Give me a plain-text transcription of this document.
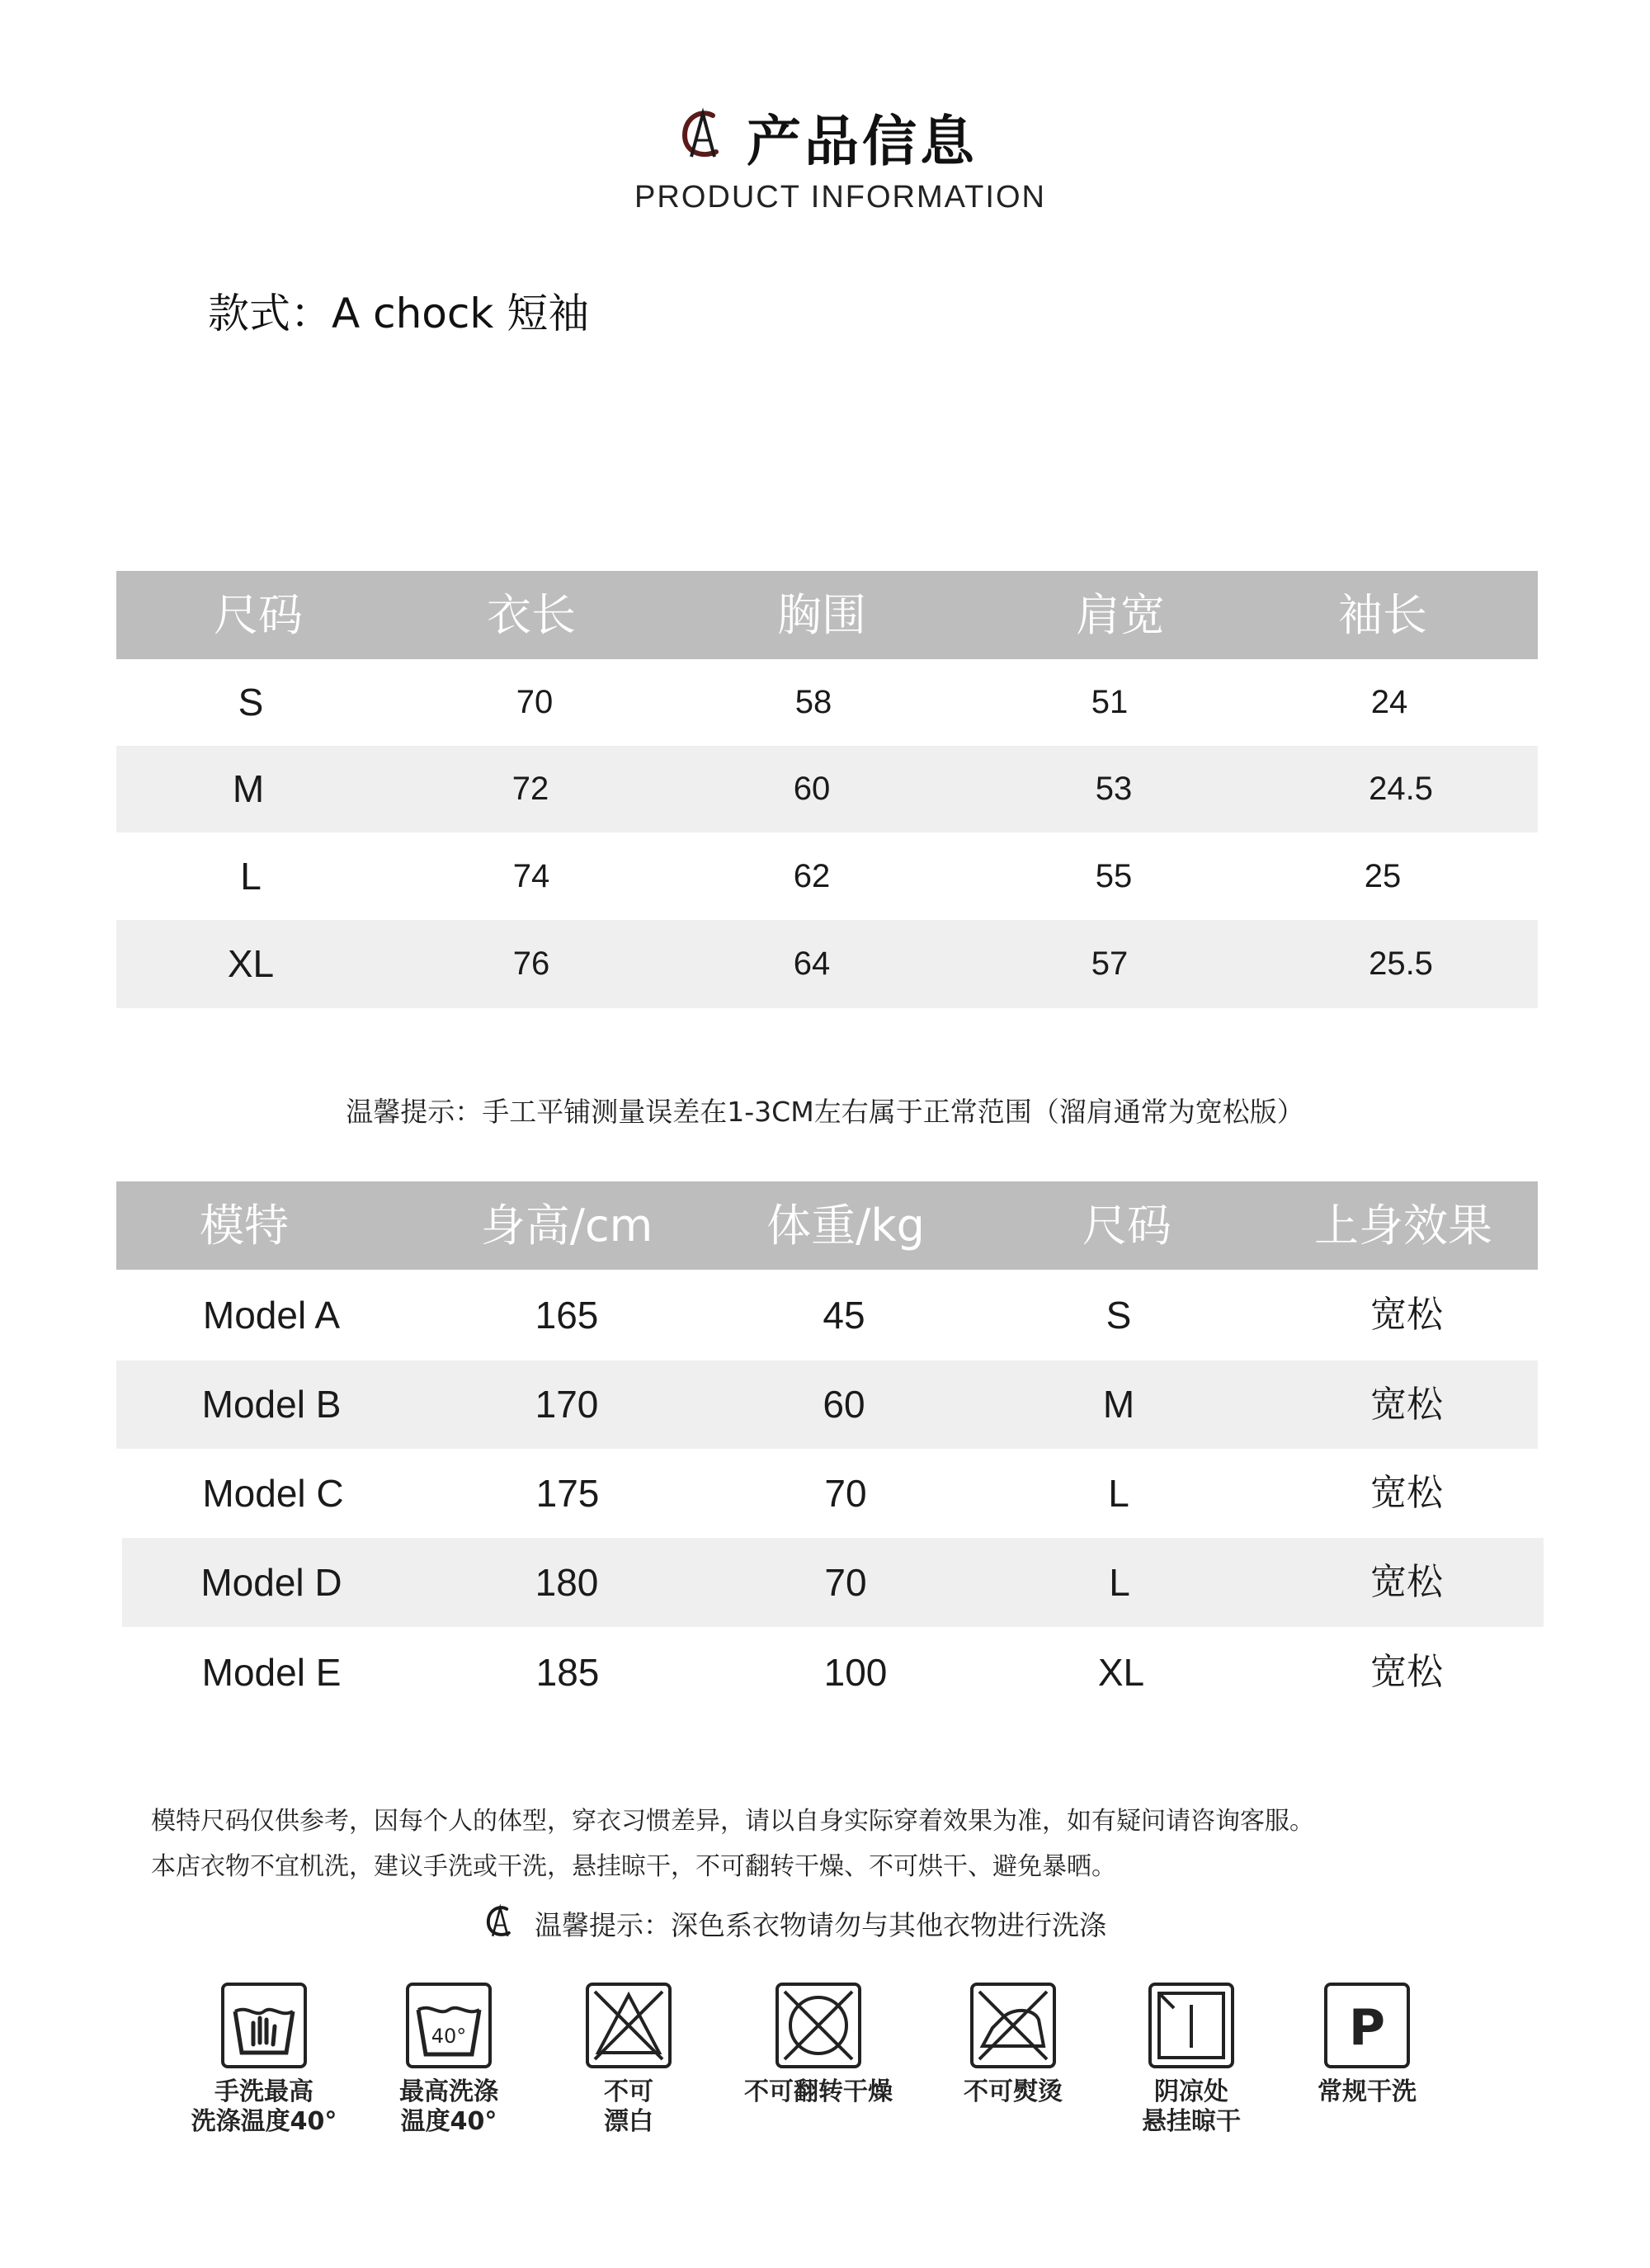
产品信息
PRODUCT INFORMATION
款式：A chock 短袖
尺码	衣长	胸围	肩宽	袖长
S	70	58	51	24
M	72	60	53	24.5
L	74	62	55	25
XL	76	64	57	25.5
温馨提示：手工平铺测量误差在1-3CM左右属于正常范围（溜肩通常为宽松版）
模特	身高/cm	体重/kg	尺码	上身效果
Model A	165	45	S	宽松
Model B	170	60	M	宽松
Model C	175	70	L	宽松
Model D	180	70	L	宽松
Model E	185	100	XL	宽松
模特尺码仅供参考，因每个人的体型，穿衣习惯差异，请以自身实际穿着效果为准，如有疑问请咨询客服。
本店衣物不宜机洗，建议手洗或干洗，悬挂晾干，不可翻转干燥、不可烘干、避免暴晒。
温馨提示：深色系衣物请勿与其他衣物进行洗涤
手洗最高
洗涤温度40°
40°
最高洗涤
温度40°
不可
漂白
不可翻转干燥	不可熨烫	阴凉处
悬挂晾干
P
常规干洗
